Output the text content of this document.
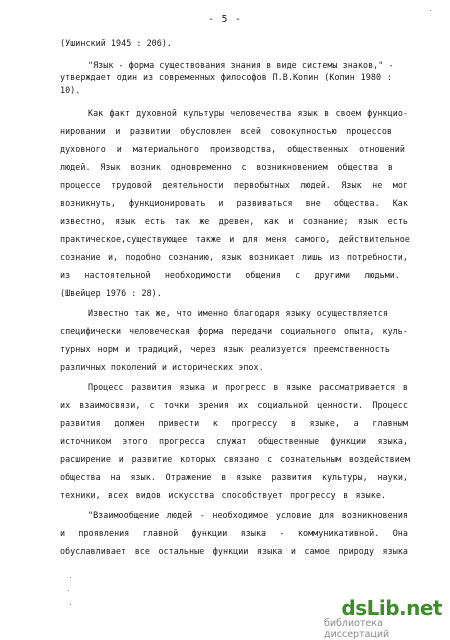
- 5 -
(Ушинский 1945 : 206).
"Язык - форма существования знания в виде системы знаков," -
утверждает один из современных философов П.В.Копин (Копин 1980 :
10).
Как факт духовной культуры человечества язык в своем функцио-
нировании и развитии обусловлен всей совокупностью процессов
духовного и материального производства, общественных отношений
людей. Язык возник одновременно с возникновением общества в
процессе трудовой деятельности первобытных людей. Язык не мог
возникнуть, функционировать и развиваться вне общества. Как
известно, язык есть так же древен, как и сознание; язык есть
практическое,существующее также и для меня самого, действительное
сознание и, подобно сознанию, язык возникает лишь из потребности,
из настоятельной необходимости общения с другими людьми.
(Швейцер 1976 : 28).
Известно так же, что именно благодаря языку осуществляется
специфически человеческая форма передачи социального опыта, куль-
турных норм и традиций, через язык реализуется преемственность
различных поколений и исторических эпох.
Процесс развития языка и прогресс в языке рассматривается в
их взаимосвязи, с точки зрения их социальной ценности. Процесс
развития должен привести к прогрессу в языке, а главным
источником этого прогресса служат общественные функции языка,
расширение и развитие которых связано с сознательным воздействием
общества на язык. Отражение в языке развития культуры, науки,
техники, всех видов искусства способствует прогрессу в языке.
"Взаимообщение людей - необходимое условие для возникновения
и проявления главной функции языка - коммуникативной. Она
обуславливает все остальные функции языка и самое природу языка
dsLib.net
библиотека диссертаций
